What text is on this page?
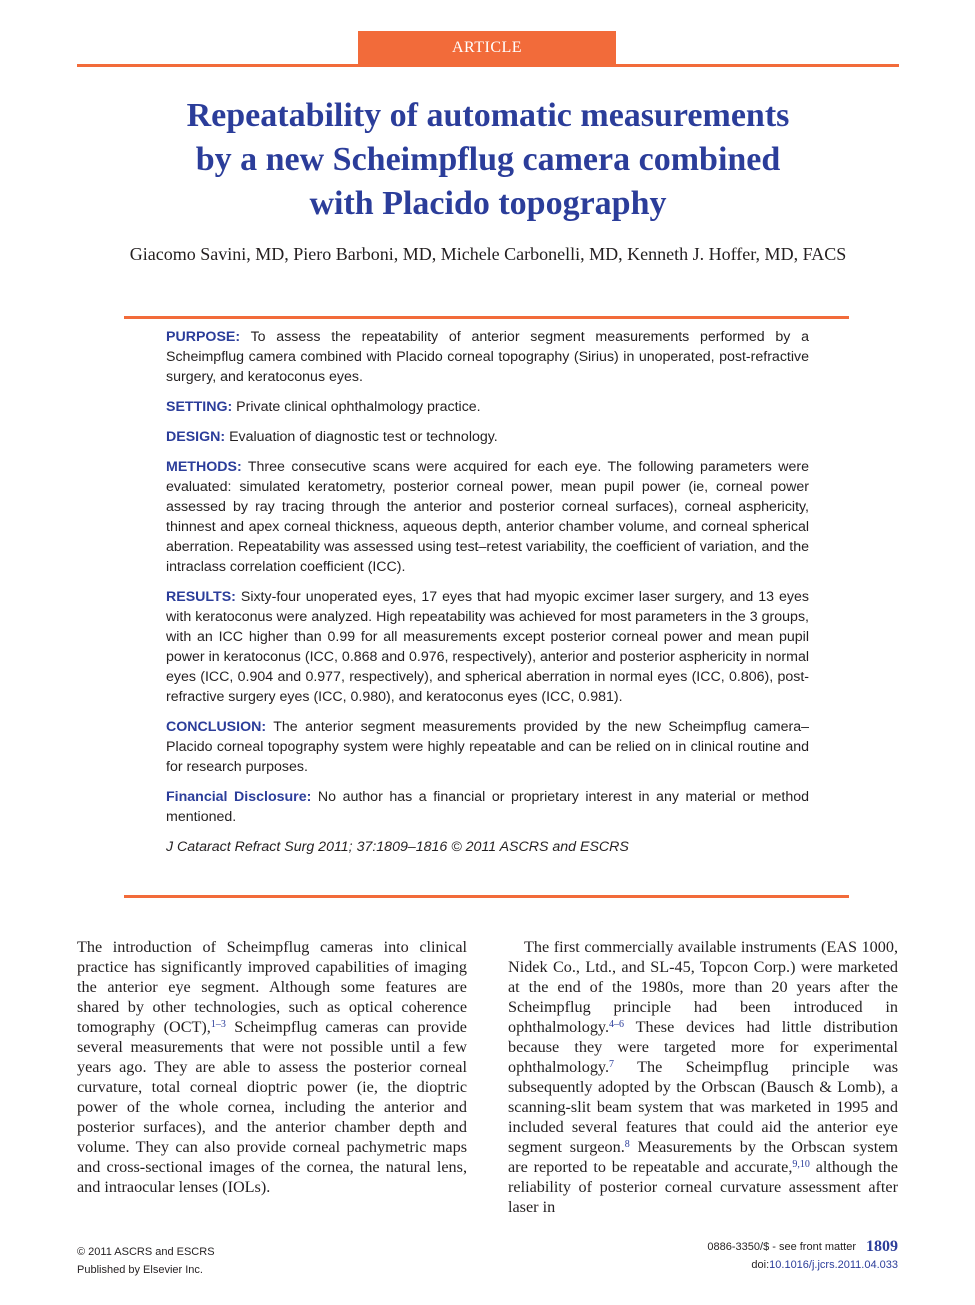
ARTICLE
Repeatability of automatic measurements
by a new Scheimpflug camera combined
with Placido topography
Giacomo Savini, MD, Piero Barboni, MD, Michele Carbonelli, MD, Kenneth J. Hoffer, MD, FACS

PURPOSE: To assess the repeatability of anterior segment measurements performed by a Scheimpflug camera combined with Placido corneal topography (Sirius) in unoperated, post-refractive surgery, and keratoconus eyes.

SETTING: Private clinical ophthalmology practice.

DESIGN: Evaluation of diagnostic test or technology.

METHODS: Three consecutive scans were acquired for each eye. The following parameters were evaluated: simulated keratometry, posterior corneal power, mean pupil power (ie, corneal power assessed by ray tracing through the anterior and posterior corneal surfaces), corneal asphericity, thinnest and apex corneal thickness, aqueous depth, anterior chamber volume, and corneal spherical aberration. Repeatability was assessed using test–retest variability, the coefficient of variation, and the intraclass correlation coefficient (ICC).

RESULTS: Sixty-four unoperated eyes, 17 eyes that had myopic excimer laser surgery, and 13 eyes with keratoconus were analyzed. High repeatability was achieved for most parameters in the 3 groups, with an ICC higher than 0.99 for all measurements except posterior corneal power and mean pupil power in keratoconus (ICC, 0.868 and 0.976, respectively), anterior and posterior asphericity in normal eyes (ICC, 0.904 and 0.977, respectively), and spherical aberration in normal eyes (ICC, 0.806), post-refractive surgery eyes (ICC, 0.980), and keratoconus eyes (ICC, 0.981).

CONCLUSION: The anterior segment measurements provided by the new Scheimpflug camera–Placido corneal topography system were highly repeatable and can be relied on in clinical routine and for research purposes.

Financial Disclosure: No author has a financial or proprietary interest in any material or method mentioned.

J Cataract Refract Surg 2011; 37:1809–1816 © 2011 ASCRS and ESCRS

The introduction of Scheimpflug cameras into clinical practice has significantly improved capabilities of imaging the anterior eye segment. Although some features are shared by other technologies, such as optical coherence tomography (OCT),$^{1-3}$ Scheimpflug cameras can provide several measurements that were not possible until a few years ago. They are able to assess the posterior corneal curvature, total corneal dioptric power (ie, the dioptric power of the whole cornea, including the anterior and posterior surfaces), and the anterior chamber depth and volume. They can also provide corneal pachymetric maps and cross-sectional images of the cornea, the natural lens, and intraocular lenses (IOLs).

The first commercially available instruments (EAS 1000, Nidek Co., Ltd., and SL-45, Topcon Corp.) were marketed at the end of the 1980s, more than 20 years after the Scheimpflug principle had been introduced in ophthalmology.$^{4-6}$ These devices had little distribution because they were targeted more for experimental ophthalmology.$^7$ The Scheimpflug principle was subsequently adopted by the Orbscan (Bausch & Lomb), a scanning-slit beam system that was marketed in 1995 and included several features that could aid the anterior eye segment surgeon.$^8$ Measurements by the Orbscan system are reported to be repeatable and accurate,$^{9,10}$ although the reliability of posterior corneal curvature assessment after laser in

© 2011 ASCRS and ESCRS
Published by Elsevier Inc.
0886-3350/$ - see front matter 1809
doi:10.1016/j.jcrs.2011.04.033
